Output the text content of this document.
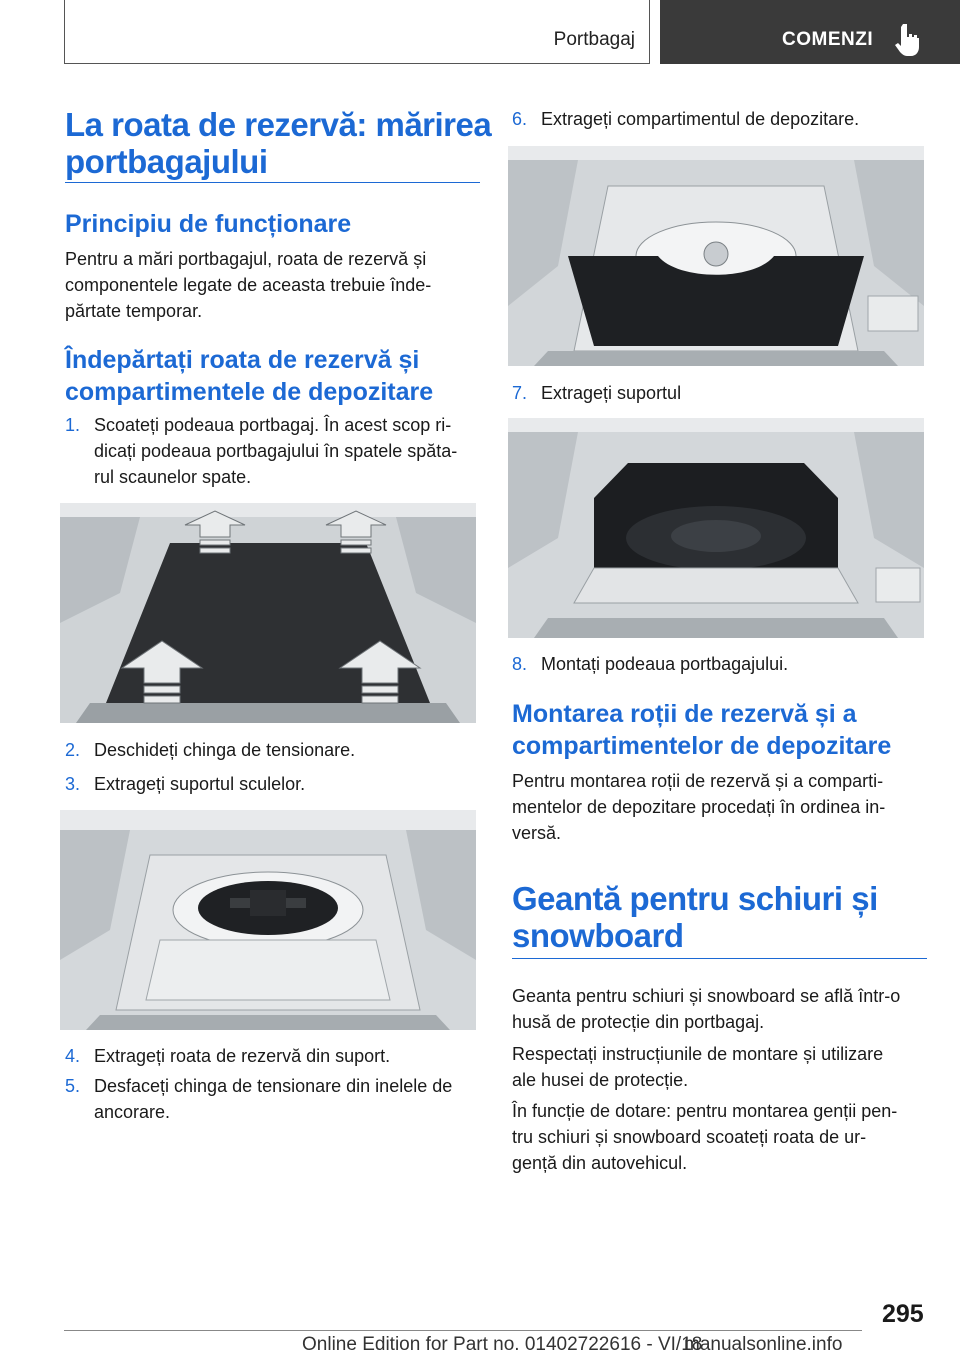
Portbagaj	COMENZI
La roata de rezervă: mărirea
portbagajului
Principiu de funcționare
Pentru a mări portbagajul, roata de rezervă și
componentele legate de aceasta trebuie înde‐
părtate temporar.
Îndepărtați roata de rezervă și
compartimentele de depozitare
1. Scoateți podeaua portbagaj. În acest scop ri‐
dicați podeaua portbagajului în spatele spăta‐
rul scaunelor spate.
2. Deschideți chinga de tensionare.
3. Extrageți suportul sculelor.
4. Extrageți roata de rezervă din suport.
5. Desfaceți chinga de tensionare din inelele de
ancorare.
6. Extrageți compartimentul de depozitare.
7. Extrageți suportul
8. Montați podeaua portbagajului.
Montarea roții de rezervă și a
compartimentelor de depozitare
Pentru montarea roții de rezervă și a comparti‐
mentelor de depozitare procedați în ordinea in‐
versă.
Geantă pentru schiuri și
snowboard
Geanta pentru schiuri și snowboard se află într-o
husă de protecție din portbagaj.
Respectați instrucțiunile de montare și utilizare
ale husei de protecție.
În funcție de dotare: pentru montarea genții pen‐
tru schiuri și snowboard scoateți roata de ur‐
gență din autovehicul.
295
Online Edition for Part no. 01402722616 - VI/18
manualsonline.info
